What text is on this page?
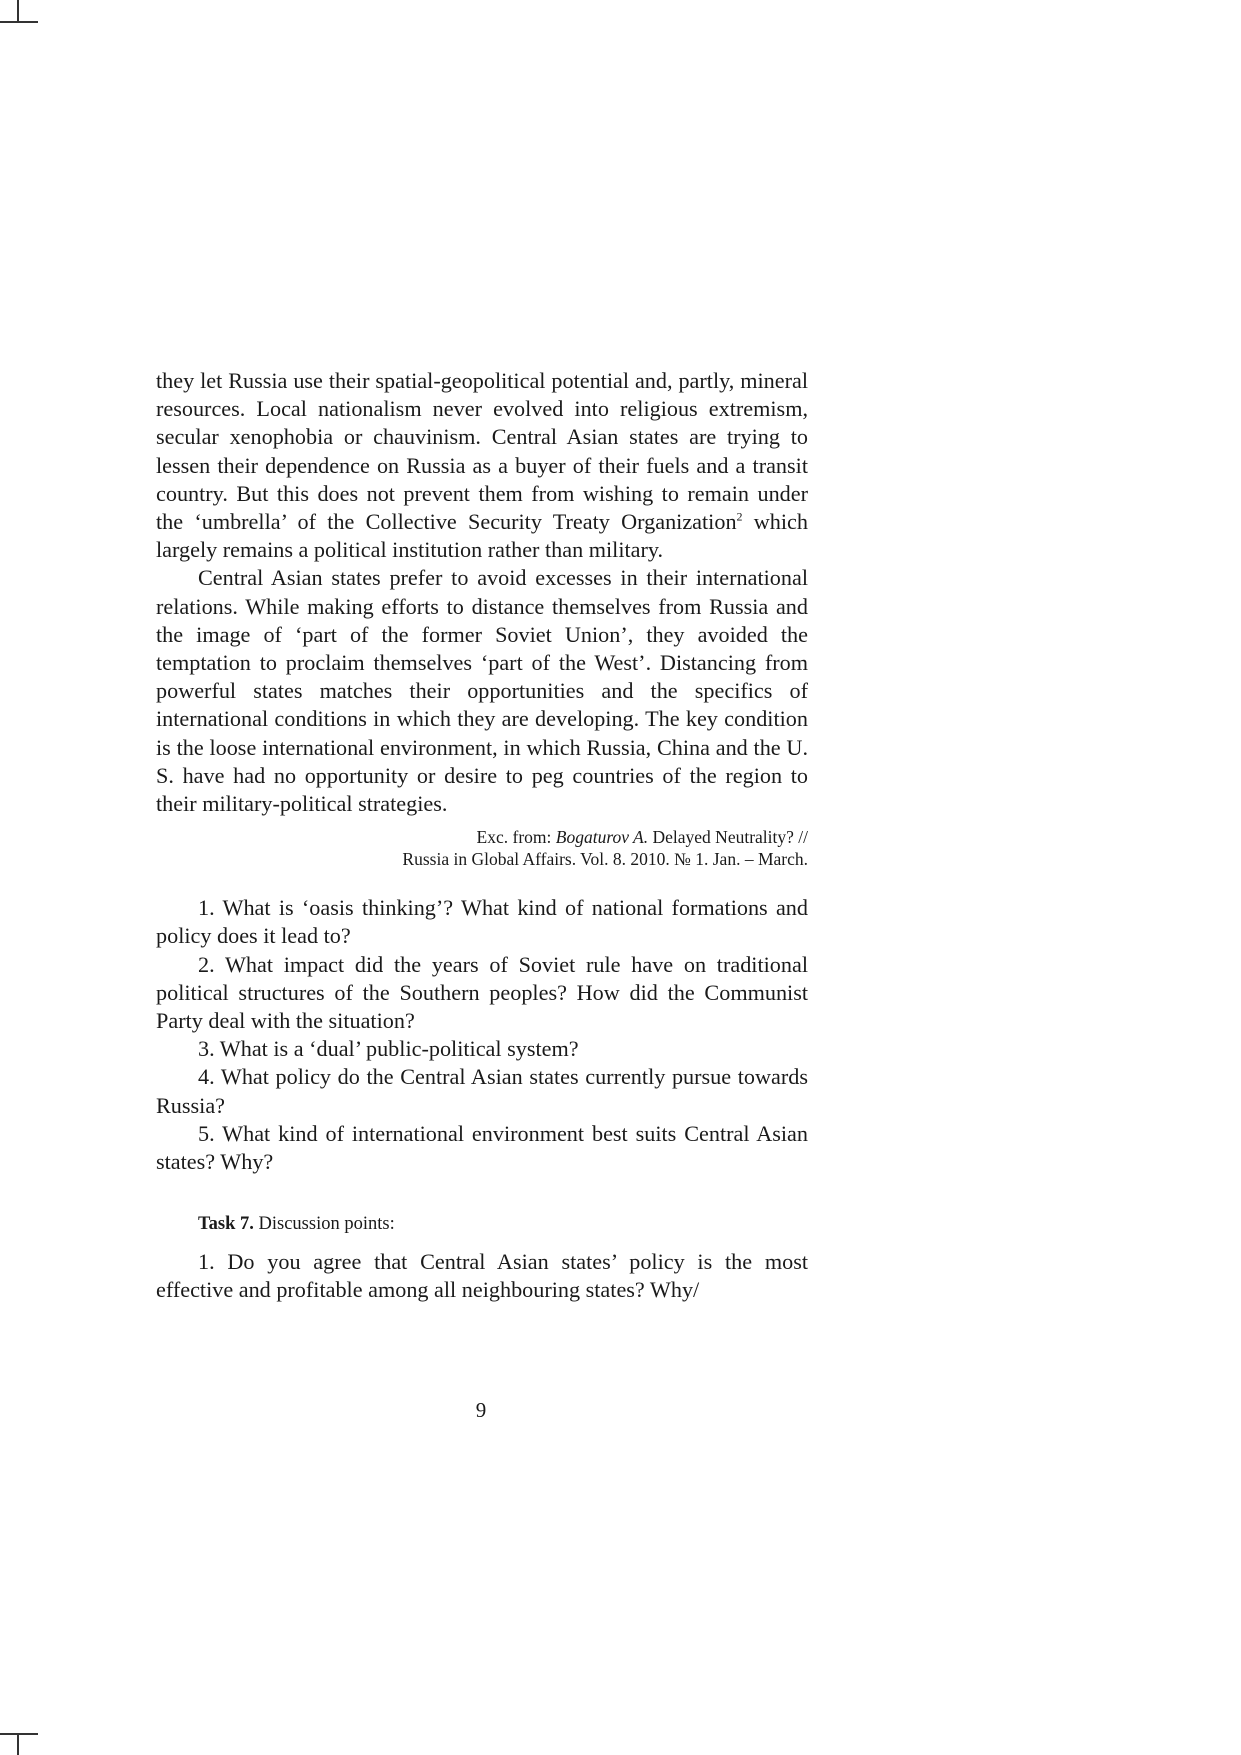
they let Russia use their spatial-geopolitical potential and, partly, mineral resources. Local nationalism never evolved into religious extremism, secular xenophobia or chauvinism. Central Asian states are trying to lessen their dependence on Russia as a buyer of their fuels and a transit country. But this does not prevent them from wishing to remain under the ‘umbrella’ of the Collective Security Treaty Organization$^2$ which largely remains a political institution rather than military.

Central Asian states prefer to avoid excesses in their international relations. While making efforts to distance themselves from Russia and the image of ‘part of the former Soviet Union’, they avoided the temptation to proclaim themselves ‘part of the West’. Distancing from powerful states matches their opportunities and the specifics of international conditions in which they are developing. The key condition is the loose international environment, in which Russia, China and the U. S. have had no opportunity or desire to peg countries of the region to their military-political strategies.

Exc. from: Bogaturov A. Delayed Neutrality? //
Russia in Global Affairs. Vol. 8. 2010. № 1. Jan. – March.

1. What is ‘oasis thinking’? What kind of national formations and policy does it lead to?

2. What impact did the years of Soviet rule have on traditional political structures of the Southern peoples? How did the Communist Party deal with the situation?

3. What is a ‘dual’ public-political system?

4. What policy do the Central Asian states currently pursue towards Russia?

5. What kind of international environment best suits Central Asian states? Why?

Task 7. Discussion points:

1. Do you agree that Central Asian states’ policy is the most effective and profitable among all neighbouring states? Why/

9
